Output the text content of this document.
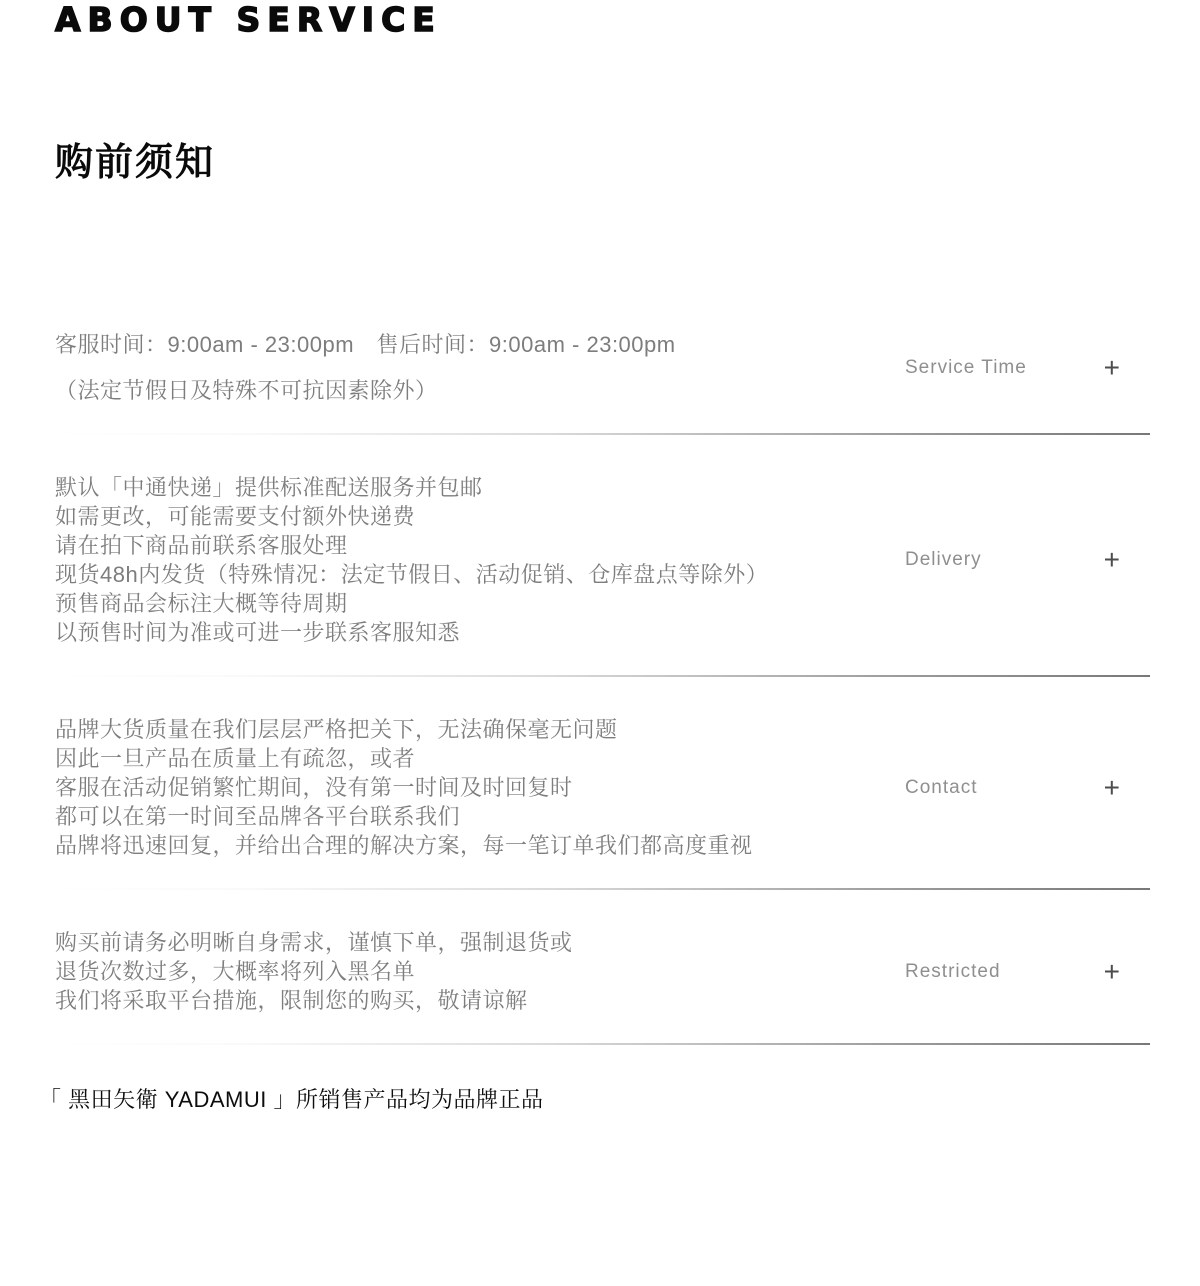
ABOUT SERVICE
购前须知

客服时间：9:00am - 23:00pm　售后时间：9:00am - 23:00pm

（法定节假日及特殊不可抗因素除外）

Service Time	+

默认「中通快递」提供标准配送服务并包邮

如需更改，可能需要支付额外快递费

请在拍下商品前联系客服处理

现货48h内发货（特殊情况：法定节假日、活动促销、仓库盘点等除外）

预售商品会标注大概等待周期

以预售时间为准或可进一步联系客服知悉

Delivery	+

品牌大货质量在我们层层严格把关下，无法确保毫无问题

因此一旦产品在质量上有疏忽，或者

客服在活动促销繁忙期间，没有第一时间及时回复时

都可以在第一时间至品牌各平台联系我们

品牌将迅速回复，并给出合理的解决方案，每一笔订单我们都高度重视

Contact	+

购买前请务必明晰自身需求，谨慎下单，强制退货或

退货次数过多，大概率将列入黑名单

我们将采取平台措施，限制您的购买，敬请谅解

Restricted	+

「 黑田矢衛 YADAMUI 」所销售产品均为品牌正品
